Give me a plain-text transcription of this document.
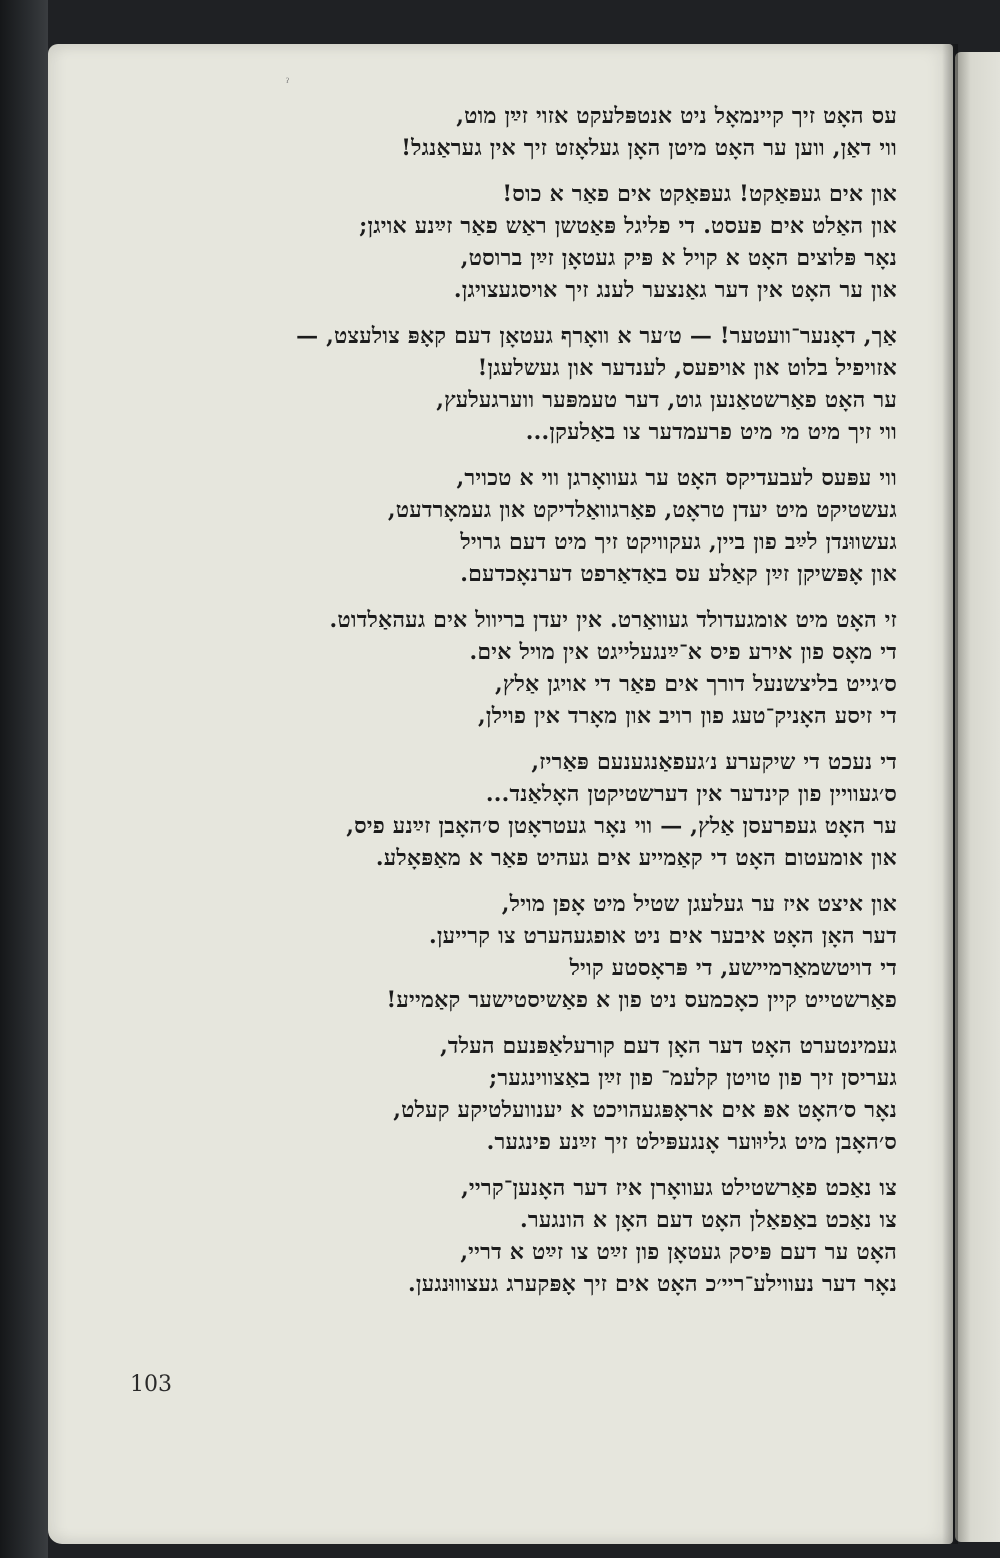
ˀ
עס האָט זיך קיינמאָל ניט אנטפּלעקט אזוי זײַן מוט,
ווי דאַן, ווען ער האָט מיטן האָן געלאָזט זיך אין געראַנגל!
און אים געפּאַקט! געפּאַקט אים פאַר א כוס!
און האַלט אים פעסט. די פליגל פּאַטשן ראַש פאַר זײַנע אויגן;
נאָר פּלוצים האָט א קויל א פּיק געטאָן זײַן ברוסט,
און ער האָט אין דער גאַנצער לענג זיך אויסגעצויגן.
אַך, דאָנער־וועטער! — ט׳ער א וואָרף געטאָן דעם קאָפּ צולעצט, —
אזויפיל בלוט און אויפעס, לענדער און געשלעגן!
ער האָט פאַרשטאַנען גוט, דער טעמפּער ווערגעלעץ,
ווי זיך מיט מי מיט פרעמדער צו באַלעקן...
ווי עפּעס לעבעדיקס האָט ער געוואָרגן ווי א טכויר,
געשטיקט מיט יעדן טראָט, פאַרגוואַלדיקט און געמאָרדעט,
געשווּנדן לײַב פון ביין, געקוויקט זיך מיט דעם גרויל
און אָפּשיקן זײַן קאַלע עס באַדאַרפט דערנאָכדעם.
זי האָט מיט אומגעדולד געוואַרט. אין יעדן בריוול אים געהאַלדוט.
די מאָס פון אירע פיס א־ײַנגעלייגט אין מויל אים.
ס׳גייט בליצשנעל דורך אים פאַר די אויגן אַלץ,
די זיסע האָניק־טעג פון רויב און מאָרד אין פוילן,
די נעכט די שיקערע נ׳געפאַנגענעם פּאַריז,
ס׳געוויין פון קינדער אין דערשטיקטן האָלאַנד...
ער האָט געפרעסן אַלץ, — ווי נאָר געטראָטן ס׳האָבן זײַנע פיס,
און אומעטום האָט די קאַמייע אים געהיט פאַר א מאַפּאָלע.
און איצט איז ער געלעגן שטיל מיט אָפן מויל,
דער האָן האָט איבער אים ניט אופגעהערט צו קרייען.
די דויטשמאַרמיישע, די פּראָסטע קויל
פאַרשטייט קיין כאָכמעס ניט פון א פאַשיסטישער קאַמייע!
געמינטערט האָט דער האָן דעם קורעלאַפּנעם העלד,
געריסן זיך פון טויטן קלעמ־ פון זײַן באַצווינגער;
נאָר ס׳האָט אפּ אים אראָפּגעהויכט א יענוועלטיקע קעלט,
ס׳האָבן מיט גליוּוער אָנגעפּילט זיך זײַנע פינגער.
צו נאַכט פאַרשטילט געוואָרן איז דער האָנען־קריי,
צו נאַכט באַפאַלן האָט דעם האָן א הונגער.
האָט ער דעם פּיסק געטאָן פון זײַט צו זײַט א דריי,
נאָר דער נעווילע־ריי׳כ האָט אים זיך אָפּקערג געצוווּנגען.
103
